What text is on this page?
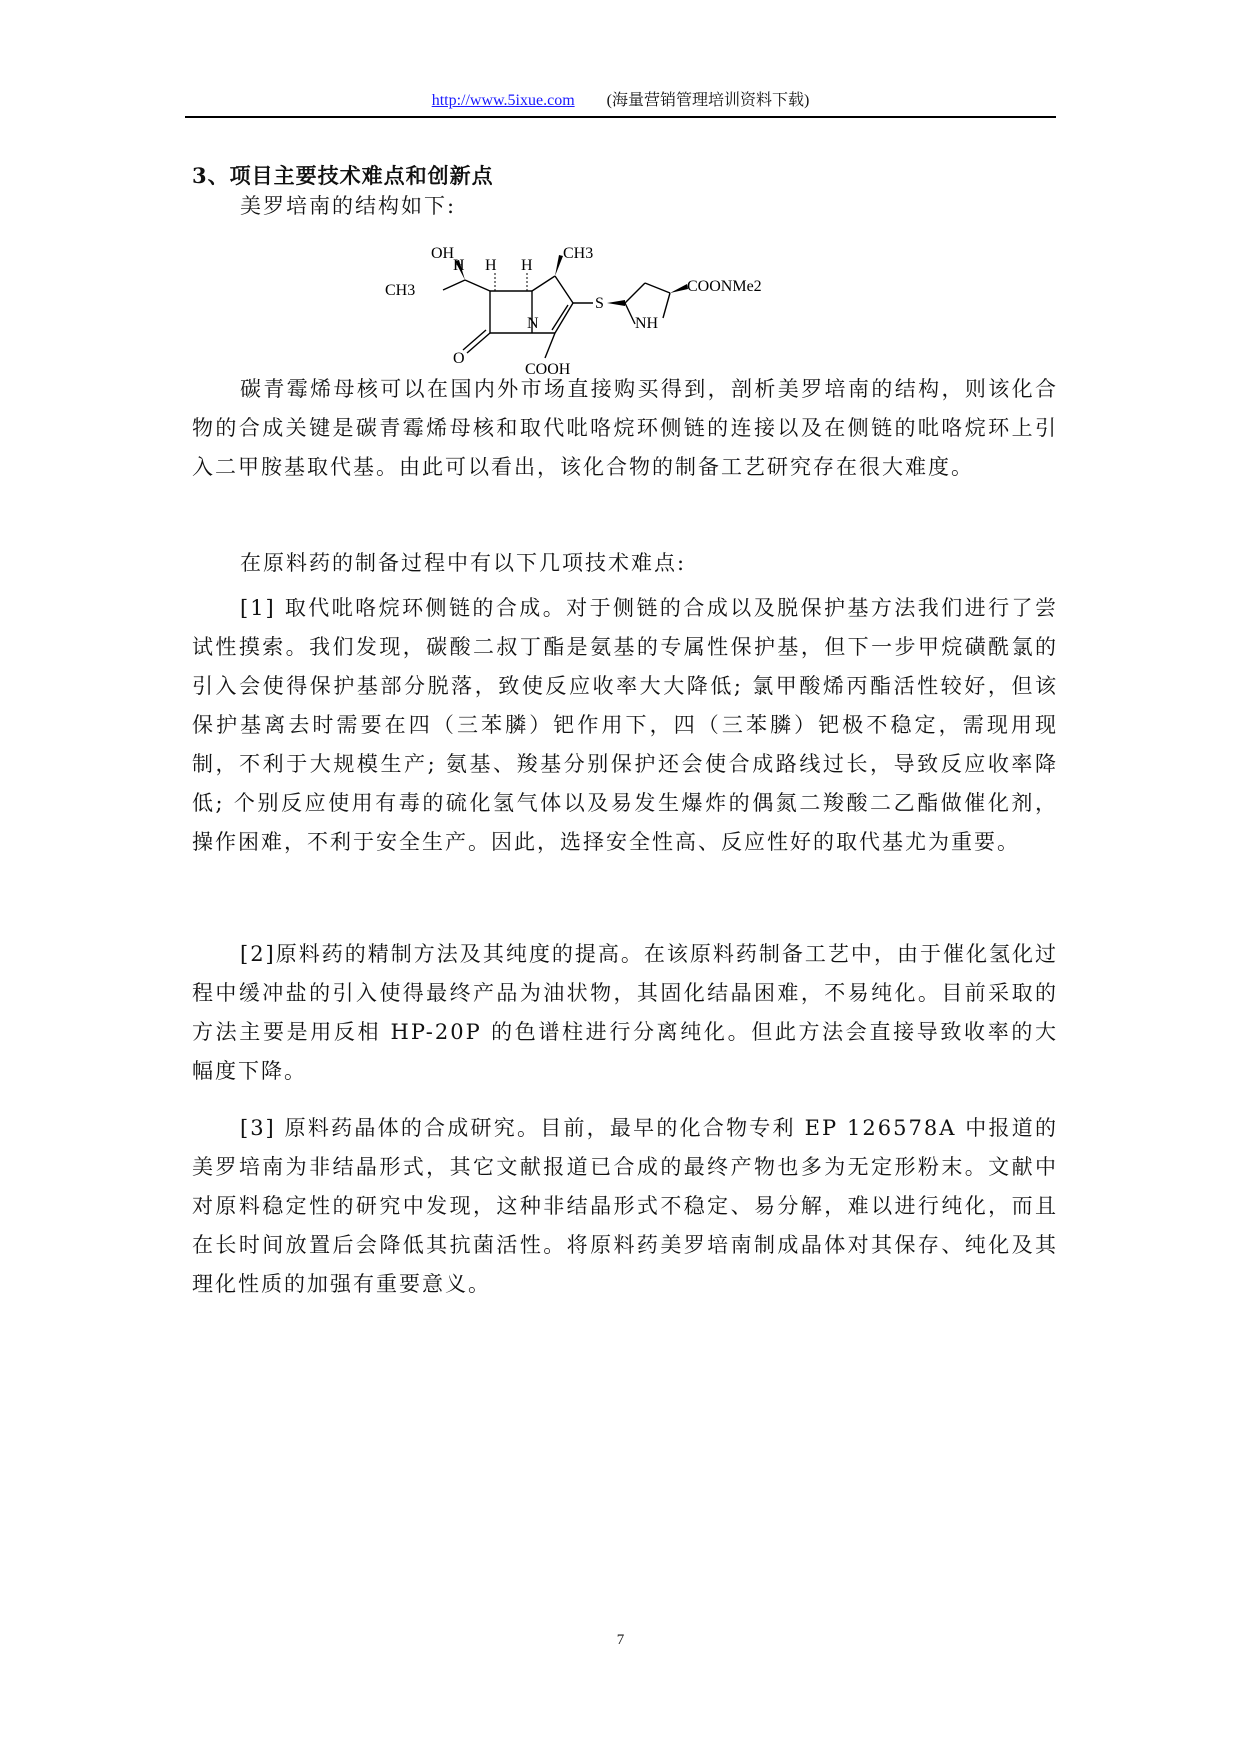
http://www.5ixue.com (海量营销管理培训资料下载)
3、项目主要技术难点和创新点

美罗培南的结构如下:

OH
H H H
CH3
CH3
S
COONMe2
NH
N
O
COOH

碳青霉烯母核可以在国内外市场直接购买得到，剖析美罗培南的结构，则该化合物的合成关键是碳青霉烯母核和取代吡咯烷环侧链的连接以及在侧链的吡咯烷环上引入二甲胺基取代基。由此可以看出，该化合物的制备工艺研究存在很大难度。

在原料药的制备过程中有以下几项技术难点:

[1] 取代吡咯烷环侧链的合成。对于侧链的合成以及脱保护基方法我们进行了尝试性摸索。我们发现，碳酸二叔丁酯是氨基的专属性保护基，但下一步甲烷磺酰氯的引入会使得保护基部分脱落，致使反应收率大大降低; 氯甲酸烯丙酯活性较好，但该保护基离去时需要在四（三苯膦）钯作用下，四（三苯膦）钯极不稳定，需现用现制，不利于大规模生产; 氨基、羧基分别保护还会使合成路线过长，导致反应收率降低; 个别反应使用有毒的硫化氢气体以及易发生爆炸的偶氮二羧酸二乙酯做催化剂，操作困难，不利于安全生产。因此，选择安全性高、反应性好的取代基尤为重要。

[2]原料药的精制方法及其纯度的提高。在该原料药制备工艺中，由于催化氢化过程中缓冲盐的引入使得最终产品为油状物，其固化结晶困难，不易纯化。目前采取的方法主要是用反相 HP-20P 的色谱柱进行分离纯化。但此方法会直接导致收率的大幅度下降。

[3] 原料药晶体的合成研究。目前，最早的化合物专利 EP 126578A 中报道的美罗培南为非结晶形式，其它文献报道已合成的最终产物也多为无定形粉末。文献中对原料稳定性的研究中发现，这种非结晶形式不稳定、易分解，难以进行纯化，而且在长时间放置后会降低其抗菌活性。将原料药美罗培南制成晶体对其保存、纯化及其理化性质的加强有重要意义。

7
